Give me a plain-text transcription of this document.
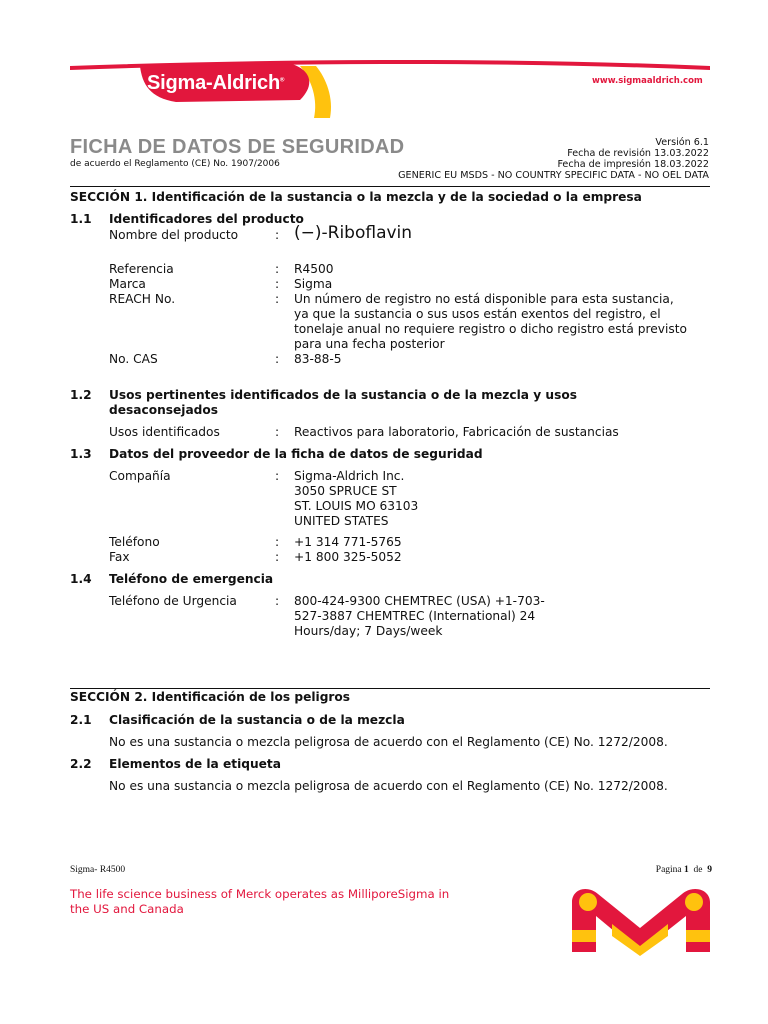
Sigma-Aldrich®	www.sigmaaldrich.com
FICHA DE DATOS DE SEGURIDAD
de acuerdo el Reglamento (CE) No. 1907/2006
Versión 6.1
Fecha de revisión 13.03.2022
Fecha de impresión 18.03.2022
GENERIC EU MSDS - NO COUNTRY SPECIFIC DATA - NO OEL DATA
SECCIÓN 1. Identificación de la sustancia o la mezcla y de la sociedad o la empresa
1.1 Identificadores del producto
Nombre del producto	: (−)-Riboflavin
Referencia	: R4500
Marca	: Sigma
REACH No.	: Un número de registro no está disponible para esta sustancia,
ya que la sustancia o sus usos están exentos del registro, el
tonelaje anual no requiere registro o dicho registro está previsto
para una fecha posterior
No. CAS	: 83-88-5
1.2 Usos pertinentes identificados de la sustancia o de la mezcla y usos
desaconsejados
Usos identificados	: Reactivos para laboratorio, Fabricación de sustancias
1.3 Datos del proveedor de la ficha de datos de seguridad
Compañía	: Sigma-Aldrich Inc.
3050 SPRUCE ST
ST. LOUIS MO 63103
UNITED STATES
Teléfono	: +1 314 771-5765
Fax	: +1 800 325-5052
1.4 Teléfono de emergencia
Teléfono de Urgencia	: 800-424-9300 CHEMTREC (USA) +1-703-
527-3887 CHEMTREC (International) 24
Hours/day; 7 Days/week
SECCIÓN 2. Identificación de los peligros
2.1 Clasificación de la sustancia o de la mezcla
No es una sustancia o mezcla peligrosa de acuerdo con el Reglamento (CE) No. 1272/2008.
2.2 Elementos de la etiqueta
No es una sustancia o mezcla peligrosa de acuerdo con el Reglamento (CE) No. 1272/2008.
Sigma- R4500	Pagina 1 de 9
The life science business of Merck operates as MilliporeSigma in
the US and Canada
